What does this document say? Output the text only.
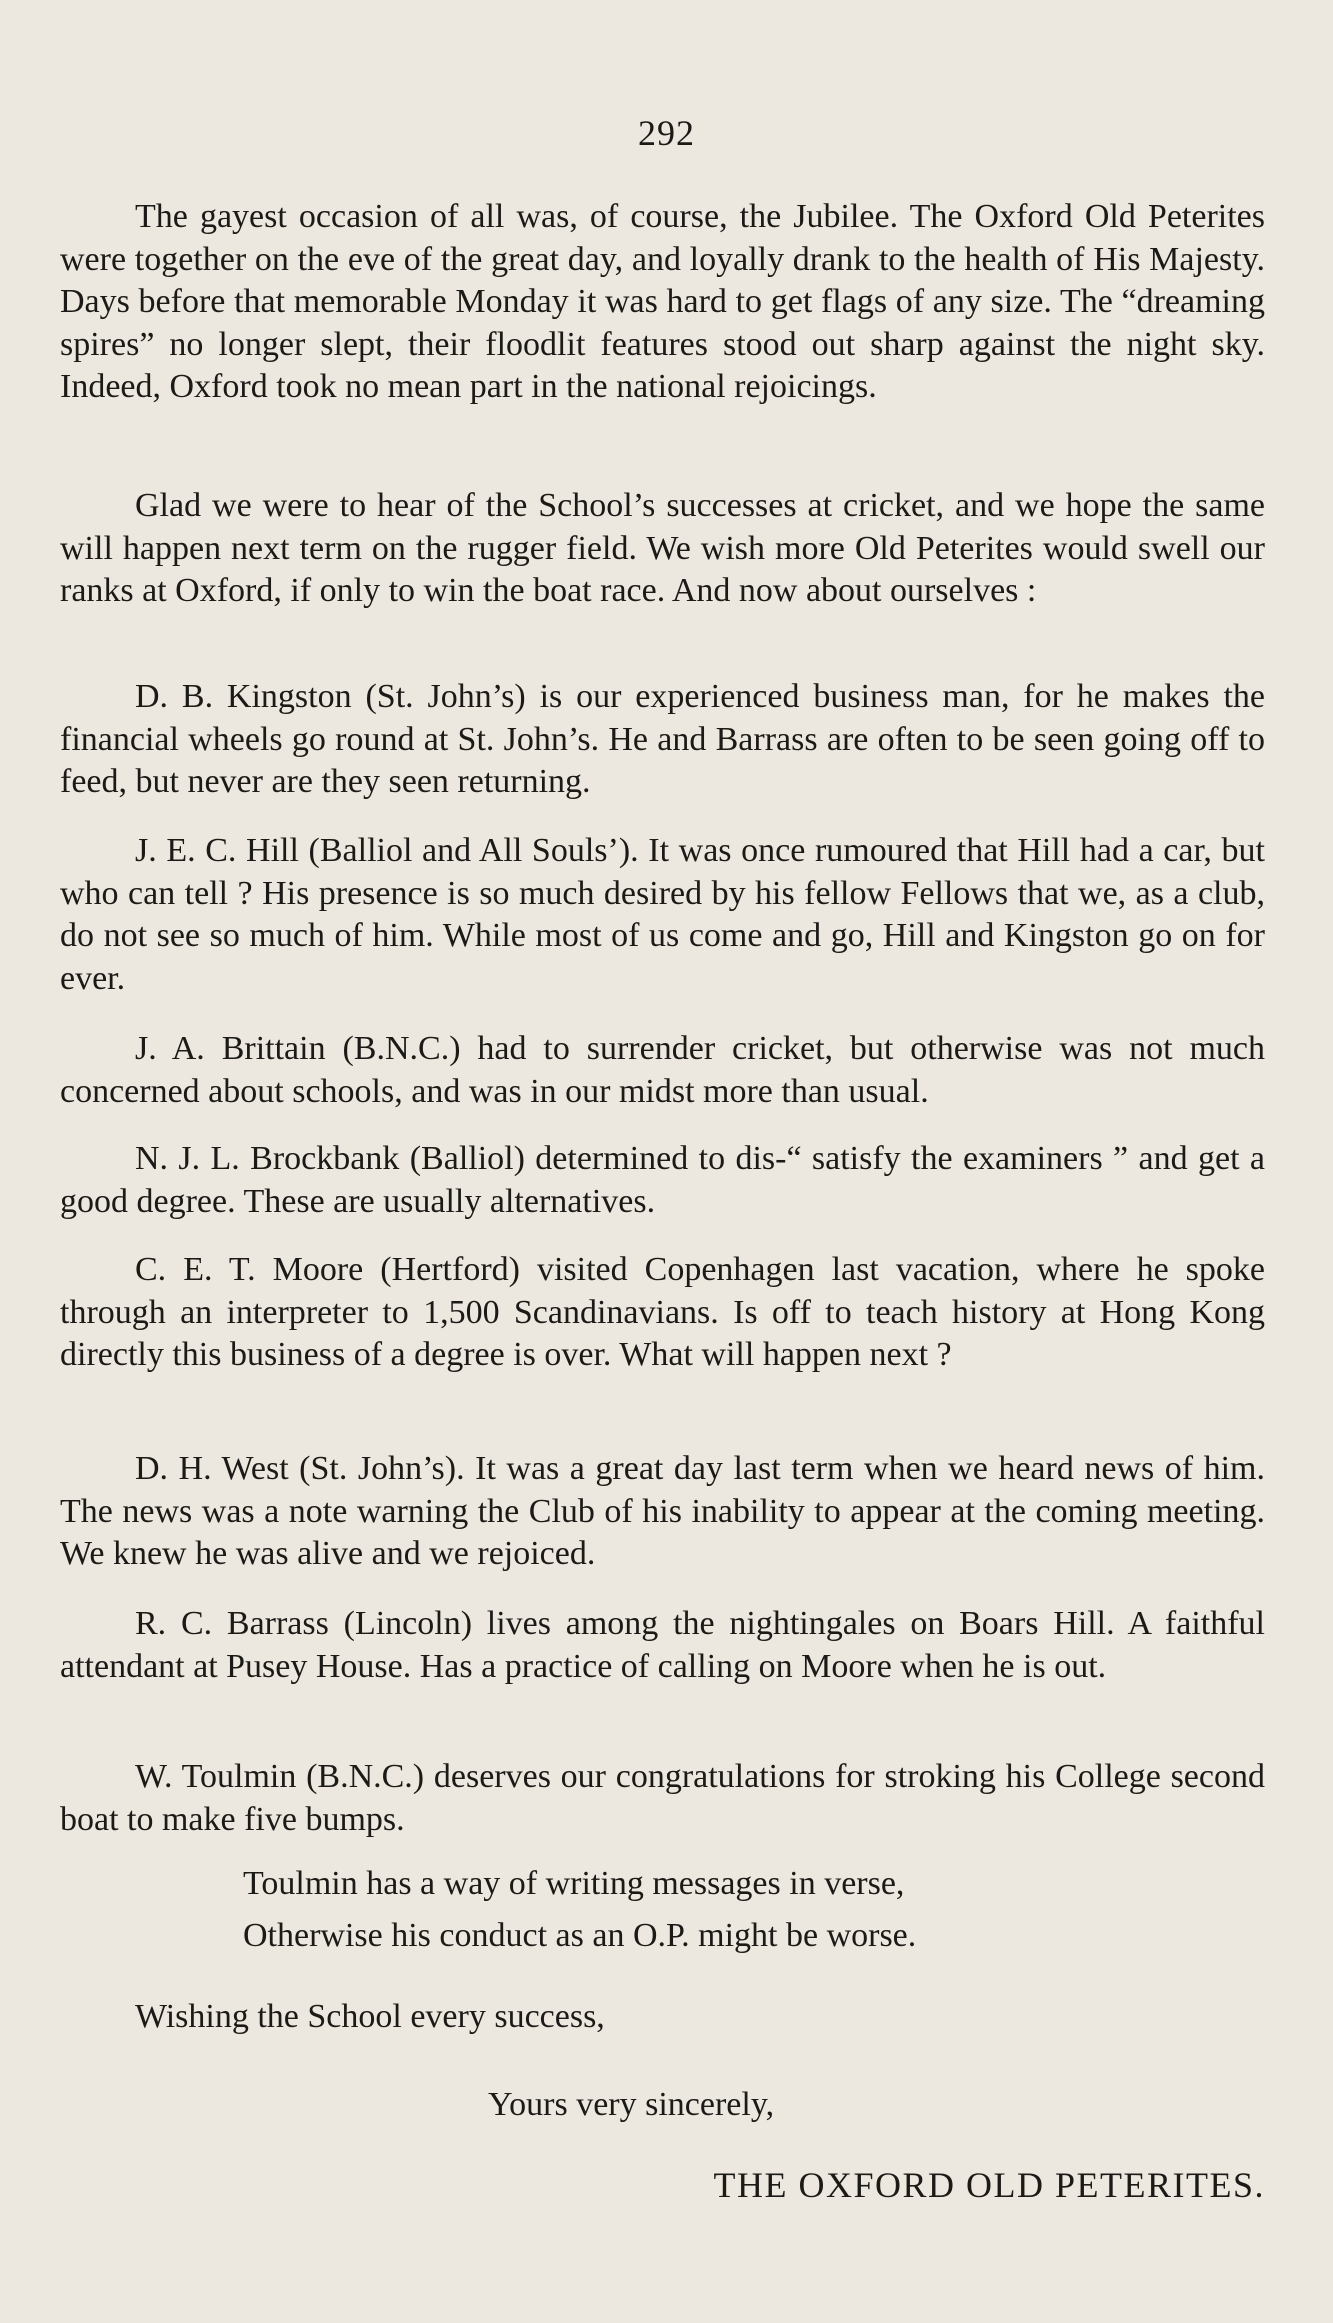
292

The gayest occasion of all was, of course, the Jubilee. The Oxford Old Peterites were together on the eve of the great day, and loyally drank to the health of His Majesty. Days before that memorable Monday it was hard to get flags of any size. The “dreaming spires” no longer slept, their floodlit features stood out sharp against the night sky. Indeed, Oxford took no mean part in the national rejoicings.

Glad we were to hear of the School’s successes at cricket, and we hope the same will happen next term on the rugger field. We wish more Old Peterites would swell our ranks at Oxford, if only to win the boat race. And now about ourselves :

D. B. Kingston (St. John’s) is our experienced business man, for he makes the financial wheels go round at St. John’s. He and Barrass are often to be seen going off to feed, but never are they seen returning.

J. E. C. Hill (Balliol and All Souls’). It was once rumoured that Hill had a car, but who can tell ? His presence is so much desired by his fellow Fellows that we, as a club, do not see so much of him. While most of us come and go, Hill and Kingston go on for ever.

J. A. Brittain (B.N.C.) had to surrender cricket, but otherwise was not much concerned about schools, and was in our midst more than usual.

N. J. L. Brockbank (Balliol) determined to dis-“ satisfy the examiners ” and get a good degree. These are usually alternatives.

C. E. T. Moore (Hertford) visited Copenhagen last vacation, where he spoke through an interpreter to 1,500 Scandinavians. Is off to teach history at Hong Kong directly this business of a degree is over. What will happen next ?

D. H. West (St. John’s). It was a great day last term when we heard news of him. The news was a note warning the Club of his inability to appear at the coming meeting. We knew he was alive and we rejoiced.

R. C. Barrass (Lincoln) lives among the nightingales on Boars Hill. A faithful attendant at Pusey House. Has a practice of calling on Moore when he is out.

W. Toulmin (B.N.C.) deserves our congratulations for stroking his College second boat to make five bumps.

Toulmin has a way of writing messages in verse,
Otherwise his conduct as an O.P. might be worse.

Wishing the School every success,

Yours very sincerely,

THE OXFORD OLD PETERITES.
